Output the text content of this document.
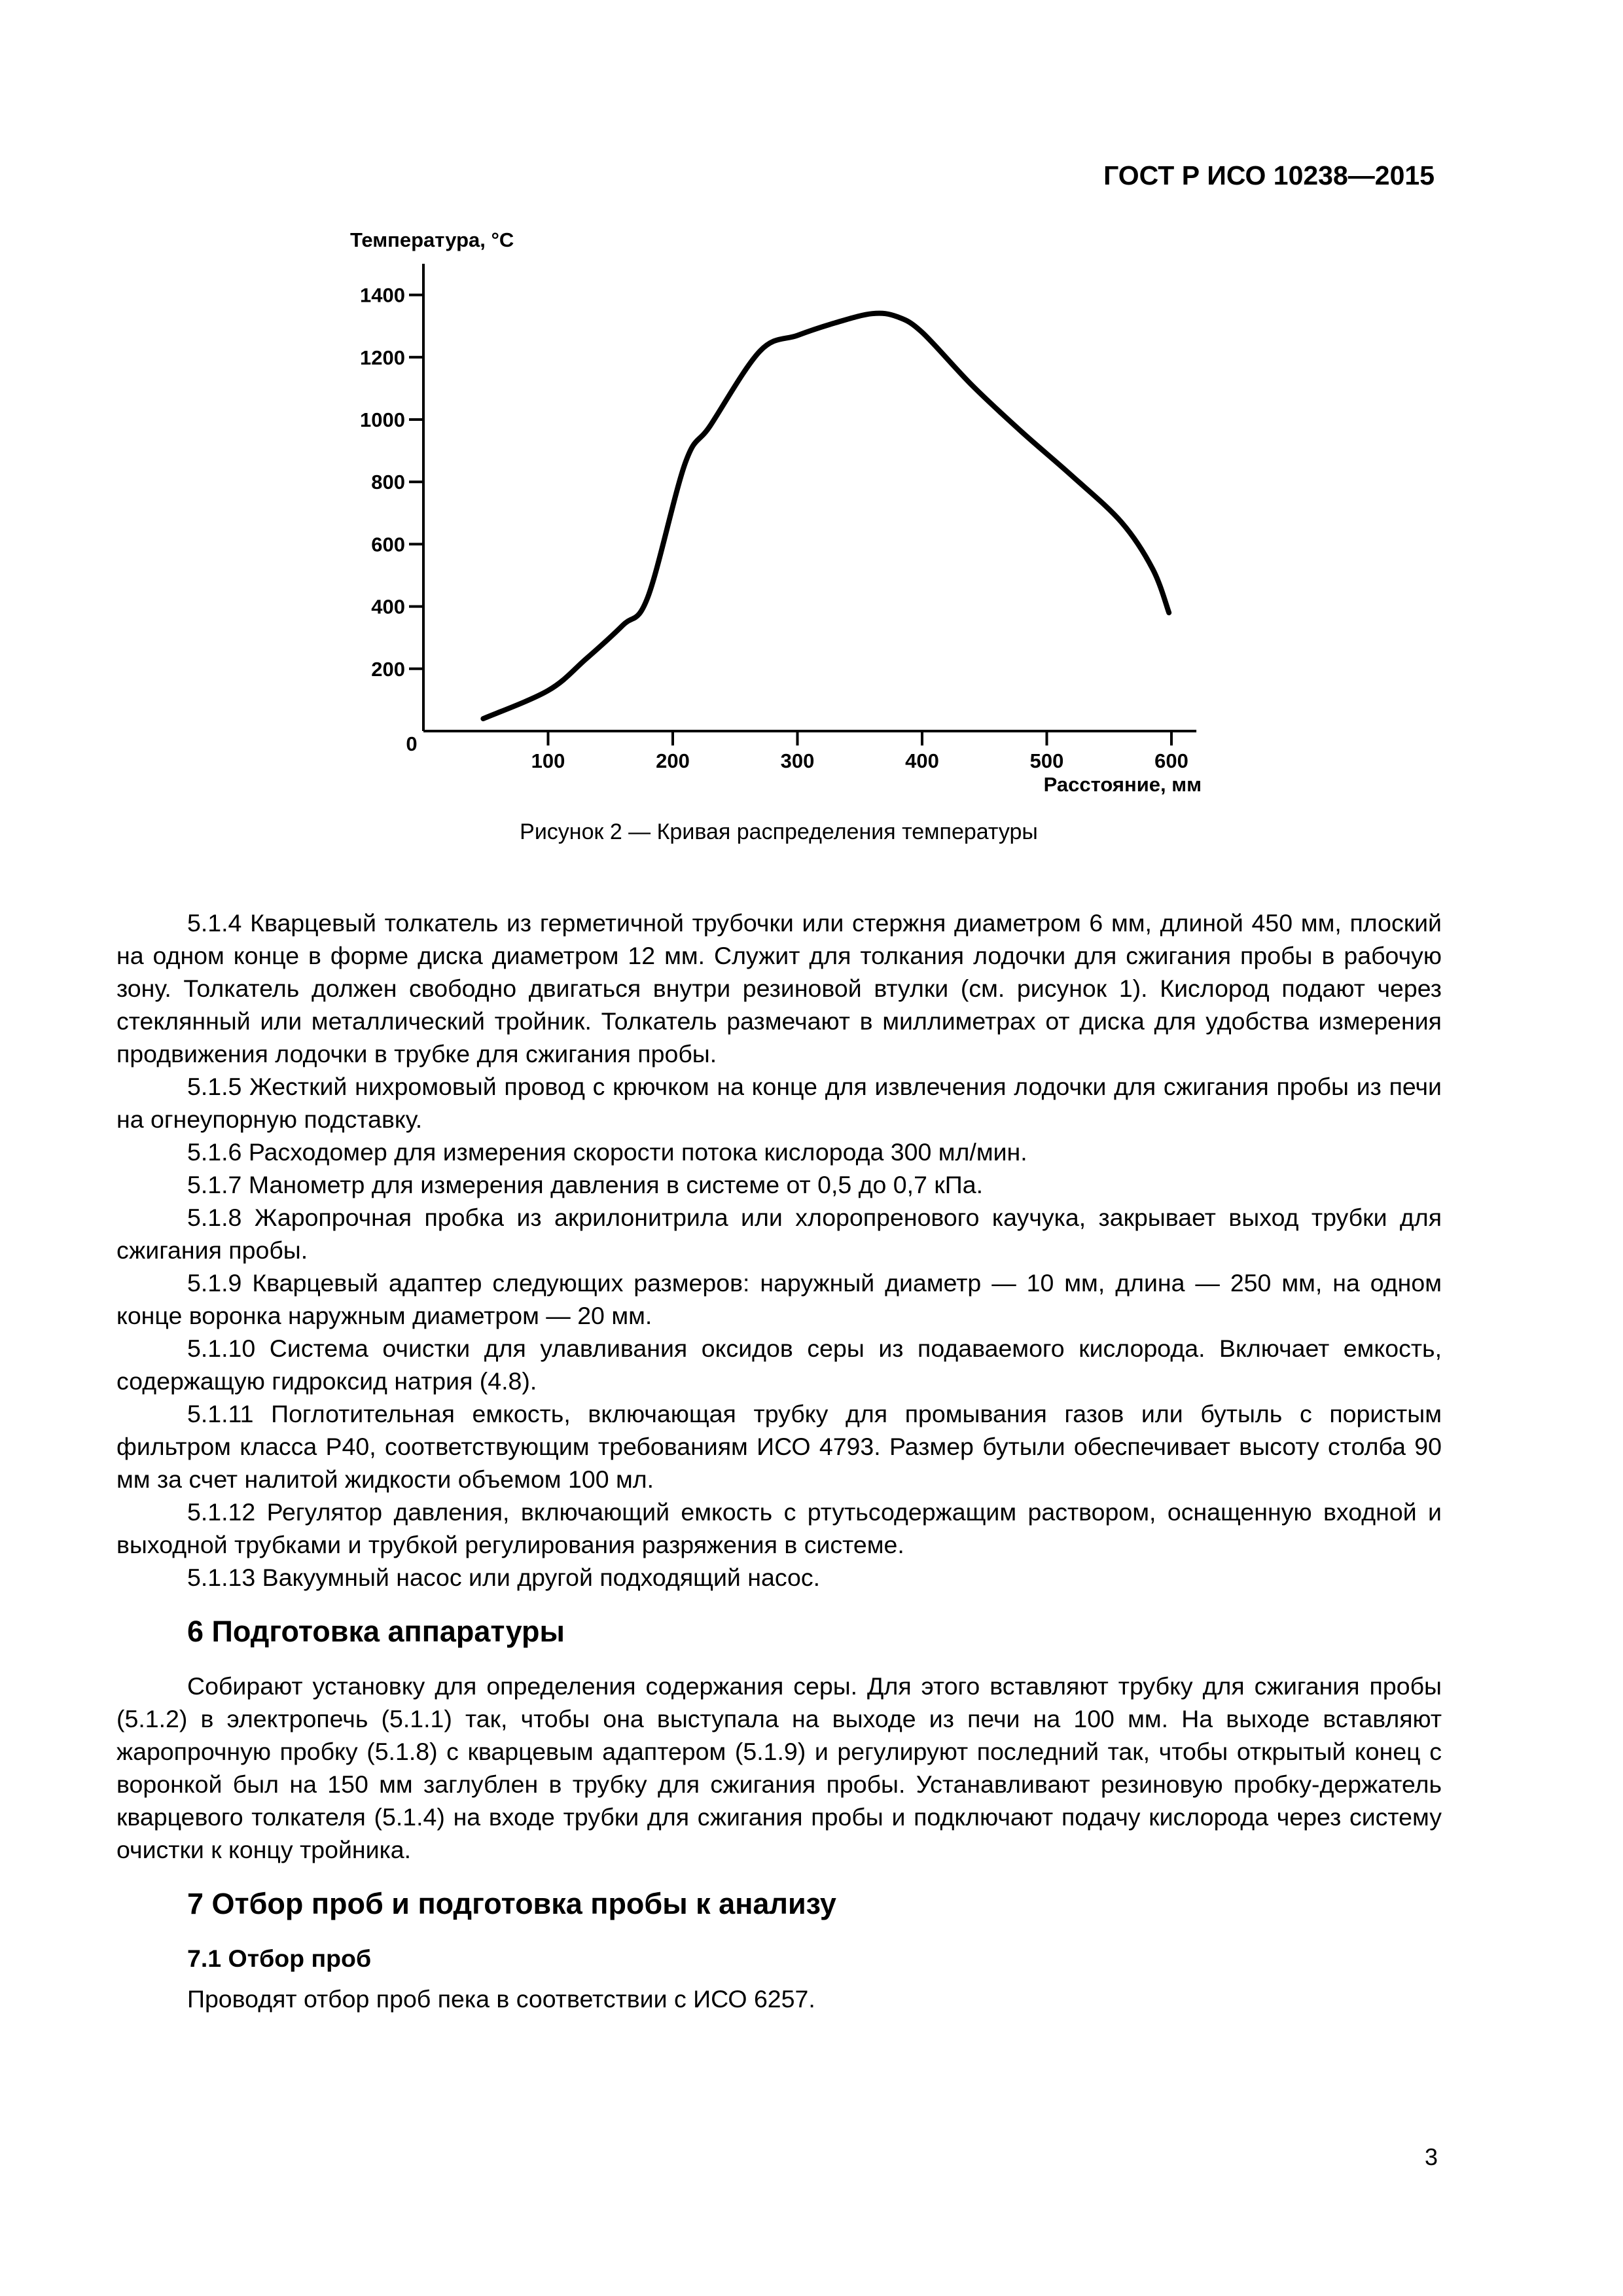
ГОСТ Р ИСО 10238—2015
200
400
600
800
1000
1200
1400
100	200	300	400	500	600
Температура, °С
Расстояние, мм
0
Рисунок 2 — Кривая распределения температуры

5.1.4 Кварцевый толкатель из герметичной трубочки или стержня диаметром 6 мм, длиной 450 мм, плоский на одном конце в форме диска диаметром 12 мм. Служит для толкания лодочки для сжигания пробы в рабочую зону. Толкатель должен свободно двигаться внутри резиновой втулки (см. рисунок 1). Кислород подают через стеклянный или металлический тройник. Толкатель размечают в миллиметрах от диска для удобства измерения продвижения лодочки в трубке для сжигания пробы.

5.1.5 Жесткий нихромовый провод с крючком на конце для извлечения лодочки для сжигания пробы из печи на огнеупорную подставку.

5.1.6 Расходомер для измерения скорости потока кислорода 300 мл/мин.

5.1.7 Манометр для измерения давления в системе от 0,5 до 0,7 кПа.

5.1.8 Жаропрочная пробка из акрилонитрила или хлоропренового каучука, закрывает выход трубки для сжигания пробы.

5.1.9 Кварцевый адаптер следующих размеров: наружный диаметр — 10 мм, длина — 250 мм, на одном конце воронка наружным диаметром — 20 мм.

5.1.10 Система очистки для улавливания оксидов серы из подаваемого кислорода. Включает емкость, содержащую гидроксид натрия (4.8).

5.1.11 Поглотительная емкость, включающая трубку для промывания газов или бутыль с пористым фильтром класса Р40, соответствующим требованиям ИСО 4793. Размер бутыли обеспечивает высоту столба 90 мм за счет налитой жидкости объемом 100 мл.

5.1.12 Регулятор давления, включающий емкость с ртутьсодержащим раствором, оснащенную входной и выходной трубками и трубкой регулирования разряжения в системе.

5.1.13 Вакуумный насос или другой подходящий насос.

6 Подготовка аппаратуры

Собирают установку для определения содержания серы. Для этого вставляют трубку для сжигания пробы (5.1.2) в электропечь (5.1.1) так, чтобы она выступала на выходе из печи на 100 мм. На выходе вставляют жаропрочную пробку (5.1.8) с кварцевым адаптером (5.1.9) и регулируют последний так, чтобы открытый конец с воронкой был на 150 мм заглублен в трубку для сжигания пробы. Устанавливают резиновую пробку-держатель кварцевого толкателя (5.1.4) на входе трубки для сжигания пробы и подключают подачу кислорода через систему очистки к концу тройника.

7 Отбор проб и подготовка пробы к анализу
7.1 Отбор проб

Проводят отбор проб пека в соответствии с ИСО 6257.

3
